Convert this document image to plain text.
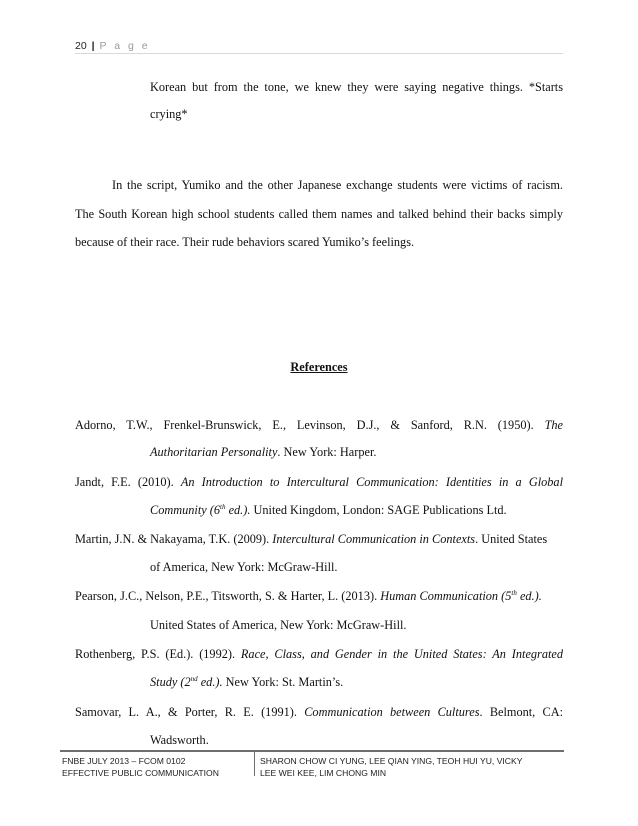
20 | P a g e
Korean but from the tone, we knew they were saying negative things. *Starts
crying*
In the script, Yumiko and the other Japanese exchange students were victims of racism.
The South Korean high school students called them names and talked behind their backs simply
because of their race. Their rude behaviors scared Yumiko’s feelings.
References
Adorno, T.W., Frenkel-Brunswick, E., Levinson, D.J., & Sanford, R.N. (1950). The
Authoritarian Personality. New York: Harper.
Jandt, F.E. (2010). An Introduction to Intercultural Communication: Identities in a Global
Community (6th ed.). United Kingdom, London: SAGE Publications Ltd.
Martin, J.N. & Nakayama, T.K. (2009). Intercultural Communication in Contexts. United States
of America, New York: McGraw-Hill.
Pearson, J.C., Nelson, P.E., Titsworth, S. & Harter, L. (2013). Human Communication (5th ed.).
United States of America, New York: McGraw-Hill.
Rothenberg, P.S. (Ed.). (1992). Race, Class, and Gender in the United States: An Integrated
Study (2nd ed.). New York: St. Martin’s.
Samovar, L. A., & Porter, R. E. (1991). Communication between Cultures. Belmont, CA:
Wadsworth.
FNBE JULY 2013 – FCOM 0102
EFFECTIVE PUBLIC COMMUNICATION
SHARON CHOW CI YUNG, LEE QIAN YING, TEOH HUI YU, VICKY
LEE WEI KEE, LIM CHONG MIN
